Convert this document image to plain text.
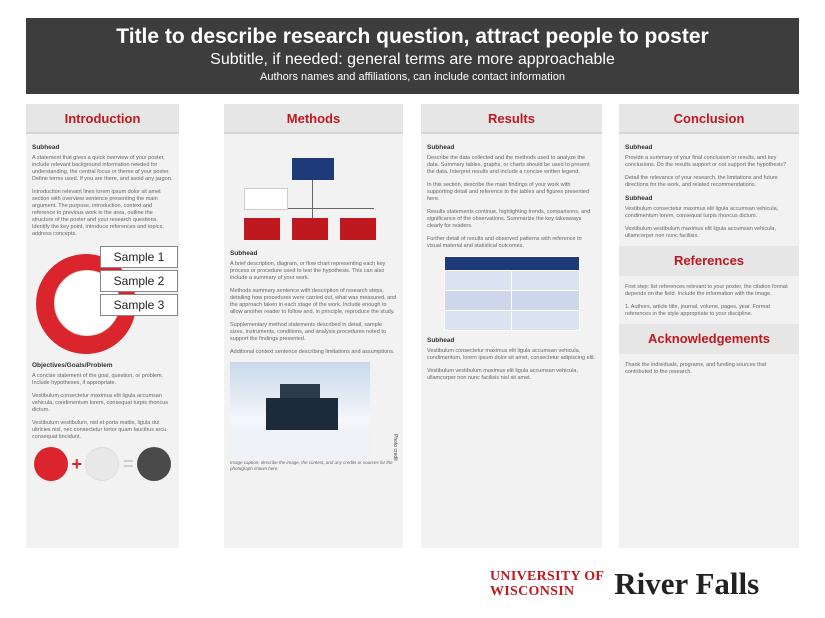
Title to describe research question, attract people to poster
Subtitle, if needed: general terms are more approachable
Authors names and affiliations, can include contact information
Introduction
Subhead
A statement that gives a quick overview of your poster, include relevant background information needed for understanding, the central focus or theme of your poster. Define terms used. If you are there, and avoid any jargon.
Introduction relevant lines lorem ipsum dolor sit amet section with overview sentence presenting the main argument. The purpose, introduction, context and reference to previous work in the area, outline the structure of the poster and your research questions. Identify the key point, introduce references and topics, address concepts.
Sample 1
Sample 2
Sample 3
Objectives/Goals/Problem
A concise statement of the goal, question, or problem. Include hypotheses, if appropriate.
Vestibulum consectetur maximus elit ligula accumsan vehicula, condimentum lorem, consequat turpis rhoncus dictum.
Vestibulum vestibulum, nisl et porta mattis, ligula dui ultricies nisl, nec consectetur tortor quam faucibus arcu consequat tincidunt.
+ =
Methods
Subhead
A brief description, diagram, or flow chart representing each key process or procedure used to test the hypothesis. This can also include a summary of your work.
Methods summary sentence with description of research steps, detailing how procedures were carried out, what was measured, and the approach taken in each stage of the work. Include enough to allow another reader to follow and, in principle, reproduce the study.
Supplementary method statements described in detail, sample sizes, instruments, conditions, and analysis procedures noted to support the findings presented.
Additional context sentence describing limitations and assumptions.
Image caption: describe the image, the context, and any credits or sources for the photograph shown here.
Photo credit
Results
Subhead
Describe the data collected and the methods used to analyze the data. Summary tables, graphs, or charts should be used to present the data. Interpret results and include a concise written legend.
In this section, describe the main findings of your work with supporting detail and reference to the tables and figures presented here.
Results statements continue, highlighting trends, comparisons, and significance of the observations. Summarize the key takeaways clearly for readers.
Further detail of results and observed patterns with reference to visual material and statistical outcomes.

Subhead
Vestibulum consectetur maximus elit ligula accumsan vehicula, condimentum, lorem ipsum dolor sit amet, consectetur adipiscing elit.
Vestibulum vestibulum maximus elit ligula accumsan vehicula, ullamcorper non nunc facilisis nisl sit amet.
Conclusion
Subhead
Provide a summary of your final conclusion or results, and key conclusions. Do the results support or not support the hypothesis?
Detail the relevance of your research, the limitations and future directions for the work, and related recommendations.
Subhead
Vestibulum consectetur maximus elit ligula accumsan vehicula, condimentum lorem, consequat turpis rhoncus dictum.
Vestibulum vestibulum maximus elit ligula accumsan vehicula, ullamcorper non nunc facilisis.
References
First step: list references relevant to your poster, the citation format depends on the field. Include the information with the image.
1. Authors, article title, journal, volume, pages, year. Format references in the style appropriate to your discipline.
Acknowledgements
Thank the individuals, programs, and funding sources that contributed to the research.
UNIVERSITY OF
WISCONSIN	River Falls
